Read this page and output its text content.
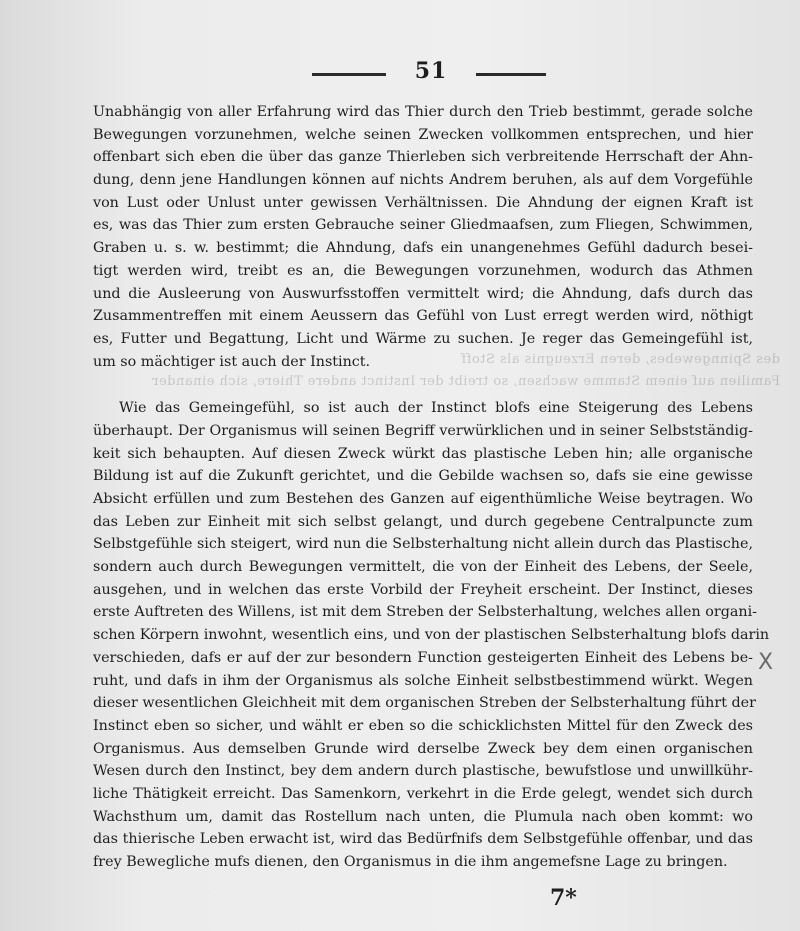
des Spinngewebes, deren Erzeugnis als Stoff
Familien auf einem Stamme wachsen, so treibt der Instinct andere Thiere, sich einander
51
Unabhängig von aller Erfahrung wird das Thier durch den Trieb bestimmt, gerade solche
Bewegungen vorzunehmen, welche seinen Zwecken vollkommen entsprechen, und hier
offenbart sich eben die über das ganze Thierleben sich verbreitende Herrschaft der Ahn-
dung, denn jene Handlungen können auf nichts Andrem beruhen, als auf dem Vorgefühle
von Lust oder Unlust unter gewissen Verhältnissen. Die Ahndung der eignen Kraft ist
es, was das Thier zum ersten Gebrauche seiner Gliedmaafsen, zum Fliegen, Schwimmen,
Graben u. s. w. bestimmt; die Ahndung, dafs ein unangenehmes Gefühl dadurch besei-
tigt werden wird, treibt es an, die Bewegungen vorzunehmen, wodurch das Athmen
und die Ausleerung von Auswurfsstoffen vermittelt wird; die Ahndung, dafs durch das
Zusammentreffen mit einem Aeussern das Gefühl von Lust erregt werden wird, nöthigt
es, Futter und Begattung, Licht und Wärme zu suchen. Je reger das Gemeingefühl ist,
um so mächtiger ist auch der Instinct.
Wie das Gemeingefühl, so ist auch der Instinct blofs eine Steigerung des Lebens
überhaupt. Der Organismus will seinen Begriff verwürklichen und in seiner Selbstständig-
keit sich behaupten. Auf diesen Zweck würkt das plastische Leben hin; alle organische
Bildung ist auf die Zukunft gerichtet, und die Gebilde wachsen so, dafs sie eine gewisse
Absicht erfüllen und zum Bestehen des Ganzen auf eigenthümliche Weise beytragen. Wo
das Leben zur Einheit mit sich selbst gelangt, und durch gegebene Centralpuncte zum
Selbstgefühle sich steigert, wird nun die Selbsterhaltung nicht allein durch das Plastische,
sondern auch durch Bewegungen vermittelt, die von der Einheit des Lebens, der Seele,
ausgehen, und in welchen das erste Vorbild der Freyheit erscheint. Der Instinct, dieses
erste Auftreten des Willens, ist mit dem Streben der Selbsterhaltung, welches allen organi-
schen Körpern inwohnt, wesentlich eins, und von der plastischen Selbsterhaltung blofs darin
verschieden, dafs er auf der zur besondern Function gesteigerten Einheit des Lebens be-
ruht, und dafs in ihm der Organismus als solche Einheit selbstbestimmend würkt. Wegen
dieser wesentlichen Gleichheit mit dem organischen Streben der Selbsterhaltung führt der
Instinct eben so sicher, und wählt er eben so die schicklichsten Mittel für den Zweck des
Organismus. Aus demselben Grunde wird derselbe Zweck bey dem einen organischen
Wesen durch den Instinct, bey dem andern durch plastische, bewufstlose und unwillkühr-
liche Thätigkeit erreicht. Das Samenkorn, verkehrt in die Erde gelegt, wendet sich durch
Wachsthum um, damit das Rostellum nach unten, die Plumula nach oben kommt: wo
das thierische Leben erwacht ist, wird das Bedürfnifs dem Selbstgefühle offenbar, und das
frey Bewegliche mufs dienen, den Organismus in die ihm angemefsne Lage zu bringen.
X
7*
